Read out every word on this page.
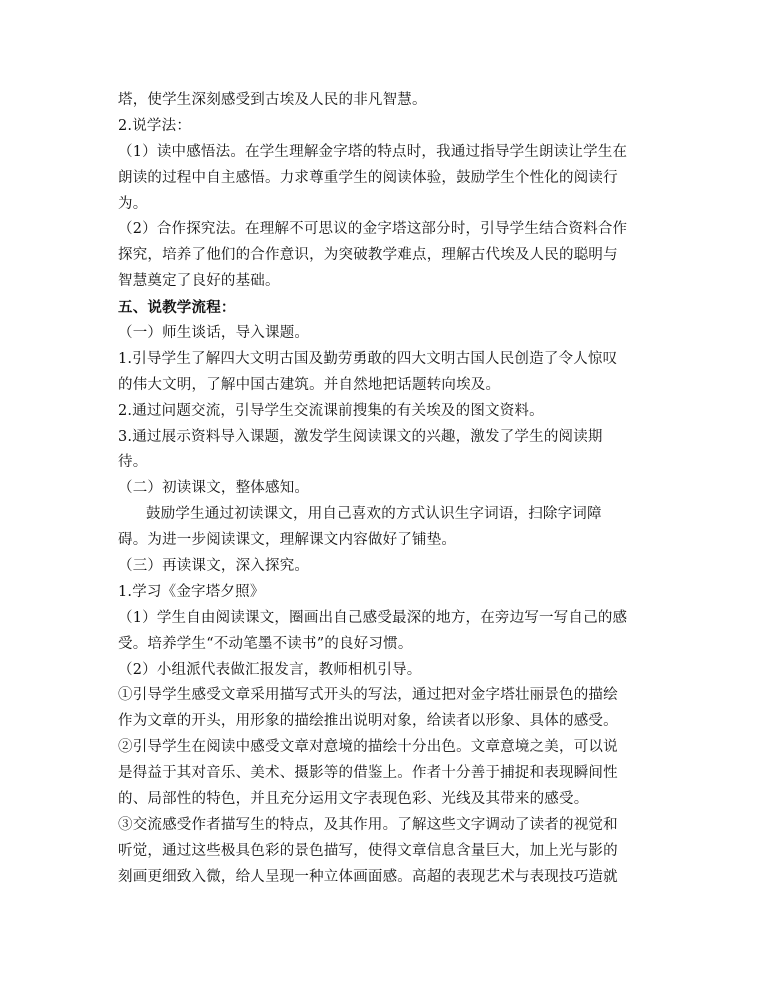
塔，使学生深刻感受到古埃及人民的非凡智慧。
2.说学法：
（1）读中感悟法。在学生理解金字塔的特点时，我通过指导学生朗读让学生在
朗读的过程中自主感悟。力求尊重学生的阅读体验，鼓励学生个性化的阅读行
为。
（2）合作探究法。在理解不可思议的金字塔这部分时，引导学生结合资料合作
探究，培养了他们的合作意识，为突破教学难点，理解古代埃及人民的聪明与
智慧奠定了良好的基础。
五、说教学流程：
（一）师生谈话，导入课题。
1.引导学生了解四大文明古国及勤劳勇敢的四大文明古国人民创造了令人惊叹
的伟大文明，了解中国古建筑。并自然地把话题转向埃及。
2.通过问题交流，引导学生交流课前搜集的有关埃及的图文资料。
3.通过展示资料导入课题，激发学生阅读课文的兴趣，激发了学生的阅读期
待。
（二）初读课文，整体感知。
鼓励学生通过初读课文，用自己喜欢的方式认识生字词语，扫除字词障
碍。为进一步阅读课文，理解课文内容做好了铺垫。
（三）再读课文，深入探究。
1.学习《金字塔夕照》
（1）学生自由阅读课文，圈画出自己感受最深的地方，在旁边写一写自己的感
受。培养学生“不动笔墨不读书”的良好习惯。
（2）小组派代表做汇报发言，教师相机引导。
①引导学生感受文章采用描写式开头的写法，通过把对金字塔壮丽景色的描绘
作为文章的开头，用形象的描绘推出说明对象，给读者以形象、具体的感受。
②引导学生在阅读中感受文章对意境的描绘十分出色。文章意境之美，可以说
是得益于其对音乐、美术、摄影等的借鉴上。作者十分善于捕捉和表现瞬间性
的、局部性的特色，并且充分运用文字表现色彩、光线及其带来的感受。
③交流感受作者描写生的特点，及其作用。了解这些文字调动了读者的视觉和
听觉，通过这些极具色彩的景色描写，使得文章信息含量巨大，加上光与影的
刻画更细致入微，给人呈现一种立体画面感。高超的表现艺术与表现技巧造就
